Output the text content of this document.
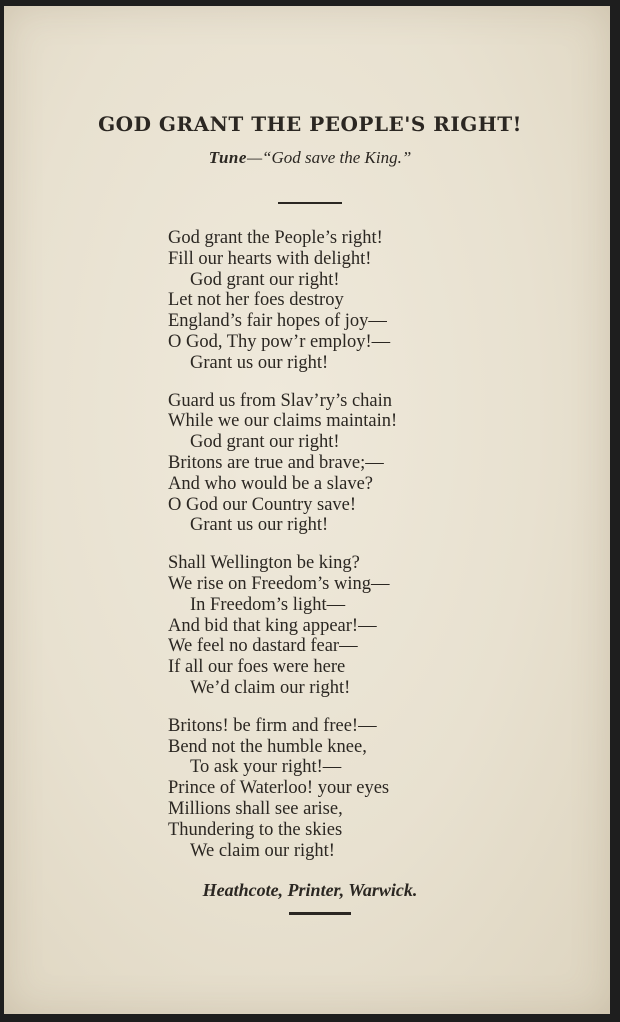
GOD GRANT THE PEOPLE'S RIGHT!
Tune—“God save the King.”
God grant the People’s right!
Fill our hearts with delight!
God grant our right!
Let not her foes destroy
England’s fair hopes of joy—
O God, Thy pow’r employ!—
Grant us our right!
Guard us from Slav’ry’s chain
While we our claims maintain!
God grant our right!
Britons are true and brave;—
And who would be a slave?
O God our Country save!
Grant us our right!
Shall Wellington be king?
We rise on Freedom’s wing—
In Freedom’s light—
And bid that king appear!—
We feel no dastard fear—
If all our foes were here
We’d claim our right!
Britons! be firm and free!—
Bend not the humble knee,
To ask your right!—
Prince of Waterloo! your eyes
Millions shall see arise,
Thundering to the skies
We claim our right!
Heathcote, Printer, Warwick.
